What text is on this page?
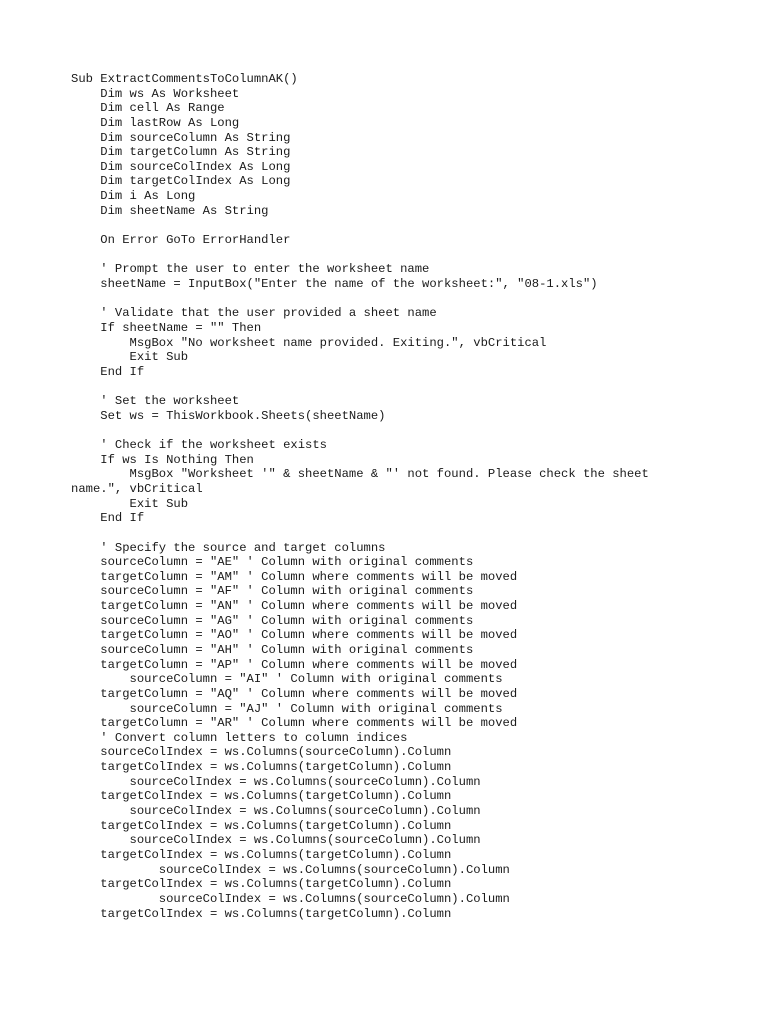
Sub ExtractCommentsToColumnAK()
Dim ws As Worksheet
Dim cell As Range
Dim lastRow As Long
Dim sourceColumn As String
Dim targetColumn As String
Dim sourceColIndex As Long
Dim targetColIndex As Long
Dim i As Long
Dim sheetName As String
On Error GoTo ErrorHandler
' Prompt the user to enter the worksheet name
sheetName = InputBox("Enter the name of the worksheet:", "08-1.xls")
' Validate that the user provided a sheet name
If sheetName = "" Then
MsgBox "No worksheet name provided. Exiting.", vbCritical
Exit Sub
End If
' Set the worksheet
Set ws = ThisWorkbook.Sheets(sheetName)
' Check if the worksheet exists
If ws Is Nothing Then
MsgBox "Worksheet '" & sheetName & "' not found. Please check the sheet
name.", vbCritical
Exit Sub
End If
' Specify the source and target columns
sourceColumn = "AE" ' Column with original comments
targetColumn = "AM" ' Column where comments will be moved
sourceColumn = "AF" ' Column with original comments
targetColumn = "AN" ' Column where comments will be moved
sourceColumn = "AG" ' Column with original comments
targetColumn = "AO" ' Column where comments will be moved
sourceColumn = "AH" ' Column with original comments
targetColumn = "AP" ' Column where comments will be moved
sourceColumn = "AI" ' Column with original comments
targetColumn = "AQ" ' Column where comments will be moved
sourceColumn = "AJ" ' Column with original comments
targetColumn = "AR" ' Column where comments will be moved
' Convert column letters to column indices
sourceColIndex = ws.Columns(sourceColumn).Column
targetColIndex = ws.Columns(targetColumn).Column
sourceColIndex = ws.Columns(sourceColumn).Column
targetColIndex = ws.Columns(targetColumn).Column
sourceColIndex = ws.Columns(sourceColumn).Column
targetColIndex = ws.Columns(targetColumn).Column
sourceColIndex = ws.Columns(sourceColumn).Column
targetColIndex = ws.Columns(targetColumn).Column
sourceColIndex = ws.Columns(sourceColumn).Column
targetColIndex = ws.Columns(targetColumn).Column
sourceColIndex = ws.Columns(sourceColumn).Column
targetColIndex = ws.Columns(targetColumn).Column
